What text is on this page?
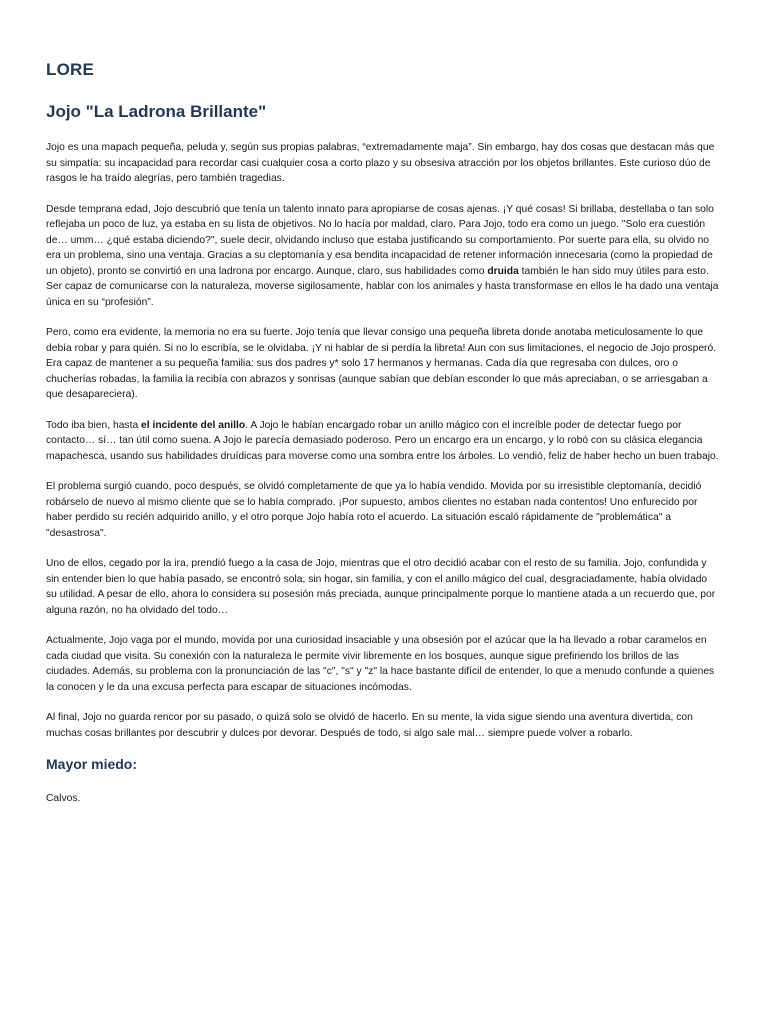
LORE
Jojo "La Ladrona Brillante"

Jojo es una mapach pequeña, peluda y, según sus propias palabras, “extremadamente maja”. Sin embargo, hay dos cosas que destacan más que su simpatía: su incapacidad para recordar casi cualquier cosa a corto plazo y su obsesiva atracción por los objetos brillantes. Este curioso dúo de rasgos le ha traído alegrías, pero también tragedias.

Desde temprana edad, Jojo descubrió que tenía un talento innato para apropiarse de cosas ajenas. ¡Y qué cosas! Si brillaba, destellaba o tan solo reflejaba un poco de luz, ya estaba en su lista de objetivos. No lo hacía por maldad, claro. Para Jojo, todo era como un juego. "Solo era cuestión de… umm… ¿qué estaba diciendo?", suele decir, olvidando incluso que estaba justificando su comportamiento. Por suerte para ella, su olvido no era un problema, sino una ventaja. Gracias a su cleptomanía y esa bendita incapacidad de retener información innecesaria (como la propiedad de un objeto), pronto se convirtió en una ladrona por encargo. Aunque, claro, sus habilidades como druida también le han sido muy útiles para esto. Ser capaz de comunicarse con la naturaleza, moverse sigilosamente, hablar con los animales y hasta transformase en ellos le ha dado una ventaja única en su “profesión”.

Pero, como era evidente, la memoria no era su fuerte. Jojo tenía que llevar consigo una pequeña libreta donde anotaba meticulosamente lo que debía robar y para quién. Si no lo escribía, se le olvidaba. ¡Y ni hablar de si perdía la libreta! Aun con sus limitaciones, el negocio de Jojo prosperó. Era capaz de mantener a su pequeña familia: sus dos padres y* solo 17 hermanos y hermanas. Cada día que regresaba con dulces, oro o chucherías robadas, la familia la recibía con abrazos y sonrisas (aunque sabían que debían esconder lo que más apreciaban, o se arriesgaban a que desapareciera).

Todo iba bien, hasta el incidente del anillo. A Jojo le habían encargado robar un anillo mágico con el increíble poder de detectar fuego por contacto… sí… tan útil como suena. A Jojo le parecía demasiado poderoso. Pero un encargo era un encargo, y lo robó con su clásica elegancia mapachesca, usando sus habilidades druídicas para moverse como una sombra entre los árboles. Lo vendió, feliz de haber hecho un buen trabajo.

El problema surgió cuando, poco después, se olvidó completamente de que ya lo había vendido. Movida por su irresistible cleptomanía, decidió robárselo de nuevo al mismo cliente que se lo había comprado. ¡Por supuesto, ambos clientes no estaban nada contentos! Uno enfurecido por haber perdido su recién adquirido anillo, y el otro porque Jojo había roto el acuerdo. La situación escaló rápidamente de "problemática" a "desastrosa".

Uno de ellos, cegado por la ira, prendió fuego a la casa de Jojo, mientras que el otro decidió acabar con el resto de su familia. Jojo, confundida y sin entender bien lo que había pasado, se encontró sola, sin hogar, sin familia, y con el anillo mágico del cual, desgraciadamente, había olvidado su utilidad. A pesar de ello, ahora lo considera su posesión más preciada, aunque principalmente porque lo mantiene atada a un recuerdo que, por alguna razón, no ha olvidado del todo…

Actualmente, Jojo vaga por el mundo, movida por una curiosidad insaciable y una obsesión por el azúcar que la ha llevado a robar caramelos en cada ciudad que visita. Su conexión con la naturaleza le permite vivir libremente en los bosques, aunque sigue prefiriendo los brillos de las ciudades. Además, su problema con la pronunciación de las "c", "s" y "z" la hace bastante difícil de entender, lo que a menudo confunde a quienes la conocen y le da una excusa perfecta para escapar de situaciones incómodas.

Al final, Jojo no guarda rencor por su pasado, o quizá solo se olvidó de hacerlo. En su mente, la vida sigue siendo una aventura divertida, con muchas cosas brillantes por descubrir y dulces por devorar. Después de todo, si algo sale mal… siempre puede volver a robarlo.

Mayor miedo:

Calvos.
